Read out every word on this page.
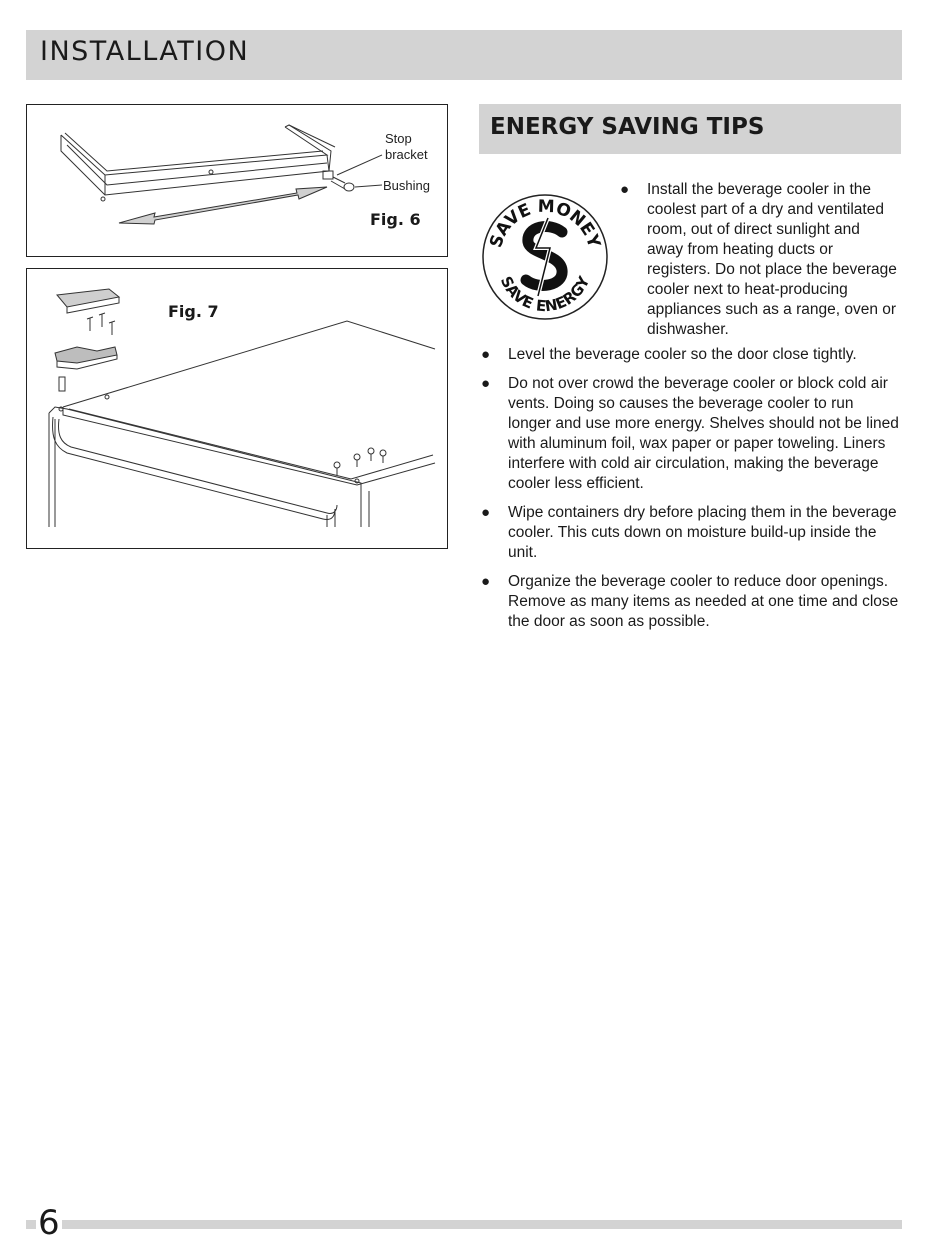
INSTALLATION
Stop
bracket
Bushing
Fig. 6
Fig. 7
ENERGY SAVING TIPS
SAVE MONEY
SAVE ENERGY
● Install the beverage cooler in the coolest part of a dry and ventilated room, out of direct sunlight and away from heating ducts or registers. Do not place the beverage cooler next to heat-producing appliances such as a range, oven or dishwasher.
● Level the beverage cooler so the door close tightly.
● Do not over crowd the beverage cooler or block cold air vents. Doing so causes the beverage cooler to run longer and use more energy. Shelves should not be lined with aluminum foil, wax paper or paper toweling. Liners interfere with cold air circulation, making the beverage cooler less efficient.
● Wipe containers dry before placing them in the beverage cooler. This cuts down on moisture build-up inside the unit.
● Organize the beverage cooler to reduce door openings. Remove as many items as needed at one time and close the door as soon as possible.
6
